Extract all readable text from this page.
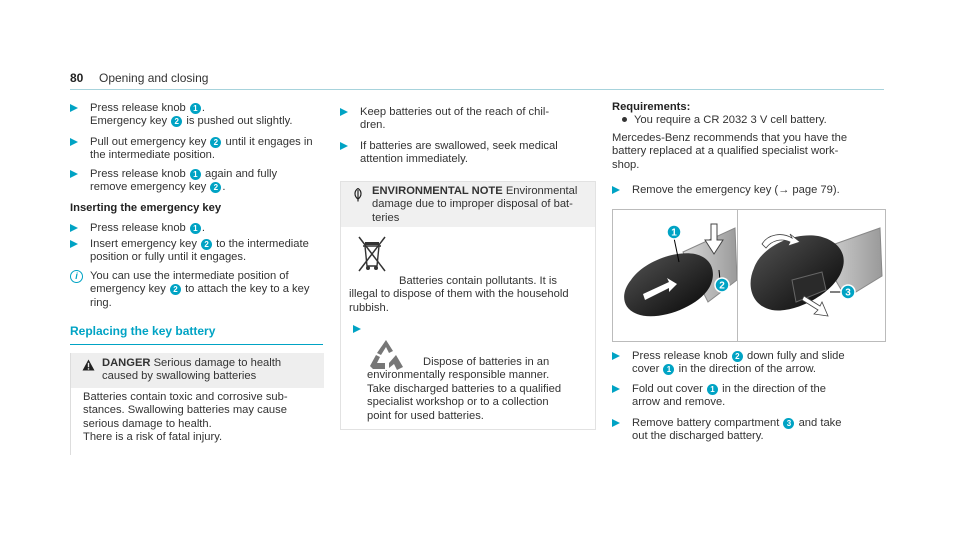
80 Opening and closing
Press release knob 1 .
Emergency key 2 is pushed out slightly.
Pull out emergency key 2 until it engages in
the intermediate position.
Press release knob 1 again and fully
remove emergency key 2 .
Inserting the emergency key
Press release knob 1 .
Insert emergency key 2 to the intermediate
position or fully until it engages.
i	You can use the intermediate position of
emergency key 2 to attach the key to a key
ring.
Replacing the key battery
DANGER Serious damage to health
caused by swallowing batteries
Batteries contain toxic and corrosive sub-
stances. Swallowing batteries may cause
serious damage to health.
There is a risk of fatal injury.
Keep batteries out of the reach of chil-
dren.
If batteries are swallowed, seek medical
attention immediately.
ENVIRONMENTAL NOTE Environmental
damage due to improper disposal of bat-
teries
Batteries contain pollutants. It is
illegal to dispose of them with the household
rubbish.
Dispose of batteries in an
environmentally responsible manner.
Take discharged batteries to a qualified
specialist workshop or to a collection
point for used batteries.
Requirements:
You require a CR 2032 3 V cell battery.
Mercedes-Benz recommends that you have the
battery replaced at a qualified specialist work-
shop.
Remove the emergency key (→ page 79).
1
2
3
Press release knob 2 down fully and slide
cover 1 in the direction of the arrow.
Fold out cover 1 in the direction of the
arrow and remove.
Remove battery compartment 3 and take
out the discharged battery.
